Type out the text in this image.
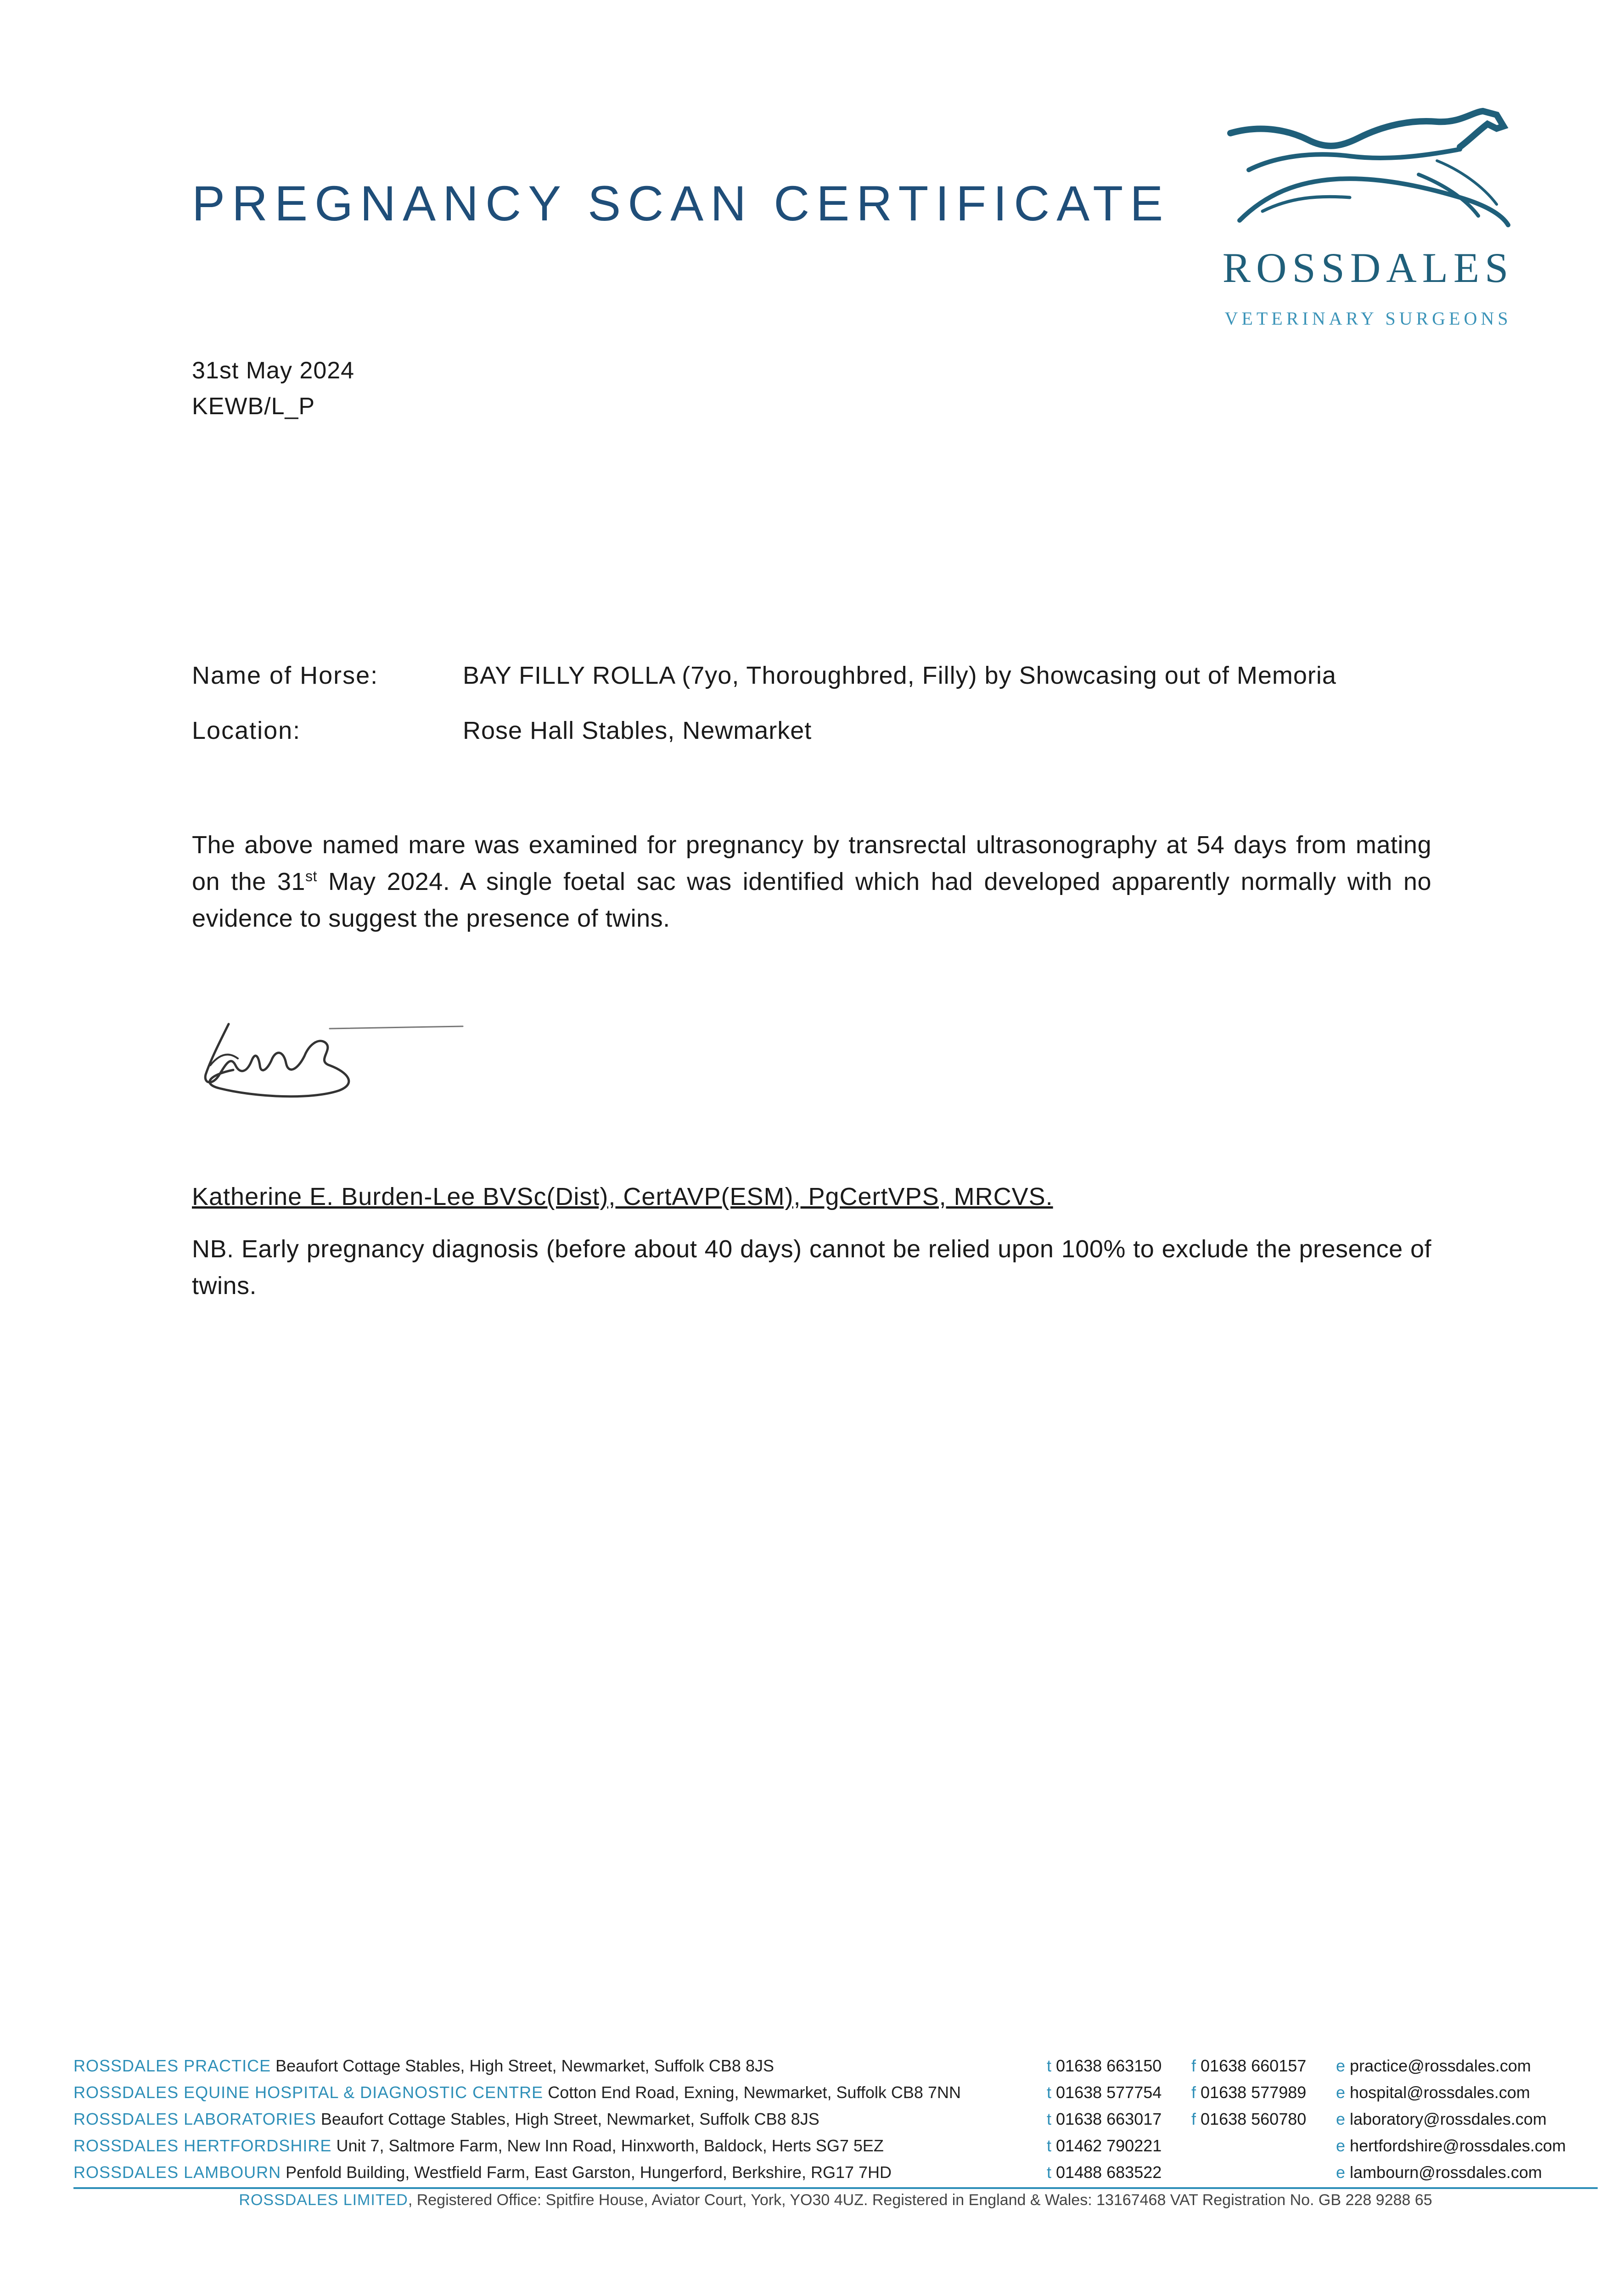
PREGNANCY SCAN CERTIFICATE
ROSSDALES
VETERINARY SURGEONS
31st May 2024
KEWB/L_P
Name of Horse:	BAY FILLY ROLLA (7yo, Thoroughbred, Filly) by Showcasing out of Memoria
Location:	Rose Hall Stables, Newmarket
The above named mare was examined for pregnancy by transrectal ultrasonography at 54 days from mating on the 31st May 2024. A single foetal sac was identified which had developed apparently normally with no evidence to suggest the presence of twins.
Katherine E. Burden-Lee BVSc(Dist), CertAVP(ESM), PgCertVPS, MRCVS.
NB. Early pregnancy diagnosis (before about 40 days) cannot be relied upon 100% to exclude the presence of twins.
ROSSDALES PRACTICE Beaufort Cottage Stables, High Street, Newmarket, Suffolk CB8 8JS	t 01638 663150 f 01638 660157 e practice@rossdales.com
ROSSDALES EQUINE HOSPITAL & DIAGNOSTIC CENTRE Cotton End Road, Exning, Newmarket, Suffolk CB8 7NN	t 01638 577754 f 01638 577989 e hospital@rossdales.com
ROSSDALES LABORATORIES Beaufort Cottage Stables, High Street, Newmarket, Suffolk CB8 8JS	t 01638 663017 f 01638 560780 e laboratory@rossdales.com
ROSSDALES HERTFORDSHIRE Unit 7, Saltmore Farm, New Inn Road, Hinxworth, Baldock, Herts SG7 5EZ	t 01462 790221	e hertfordshire@rossdales.com
ROSSDALES LAMBOURN Penfold Building, Westfield Farm, East Garston, Hungerford, Berkshire, RG17 7HD	t 01488 683522	e lambourn@rossdales.com
ROSSDALES LIMITED, Registered Office: Spitfire House, Aviator Court, York, YO30 4UZ. Registered in England & Wales: 13167468 VAT Registration No. GB 228 9288 65
